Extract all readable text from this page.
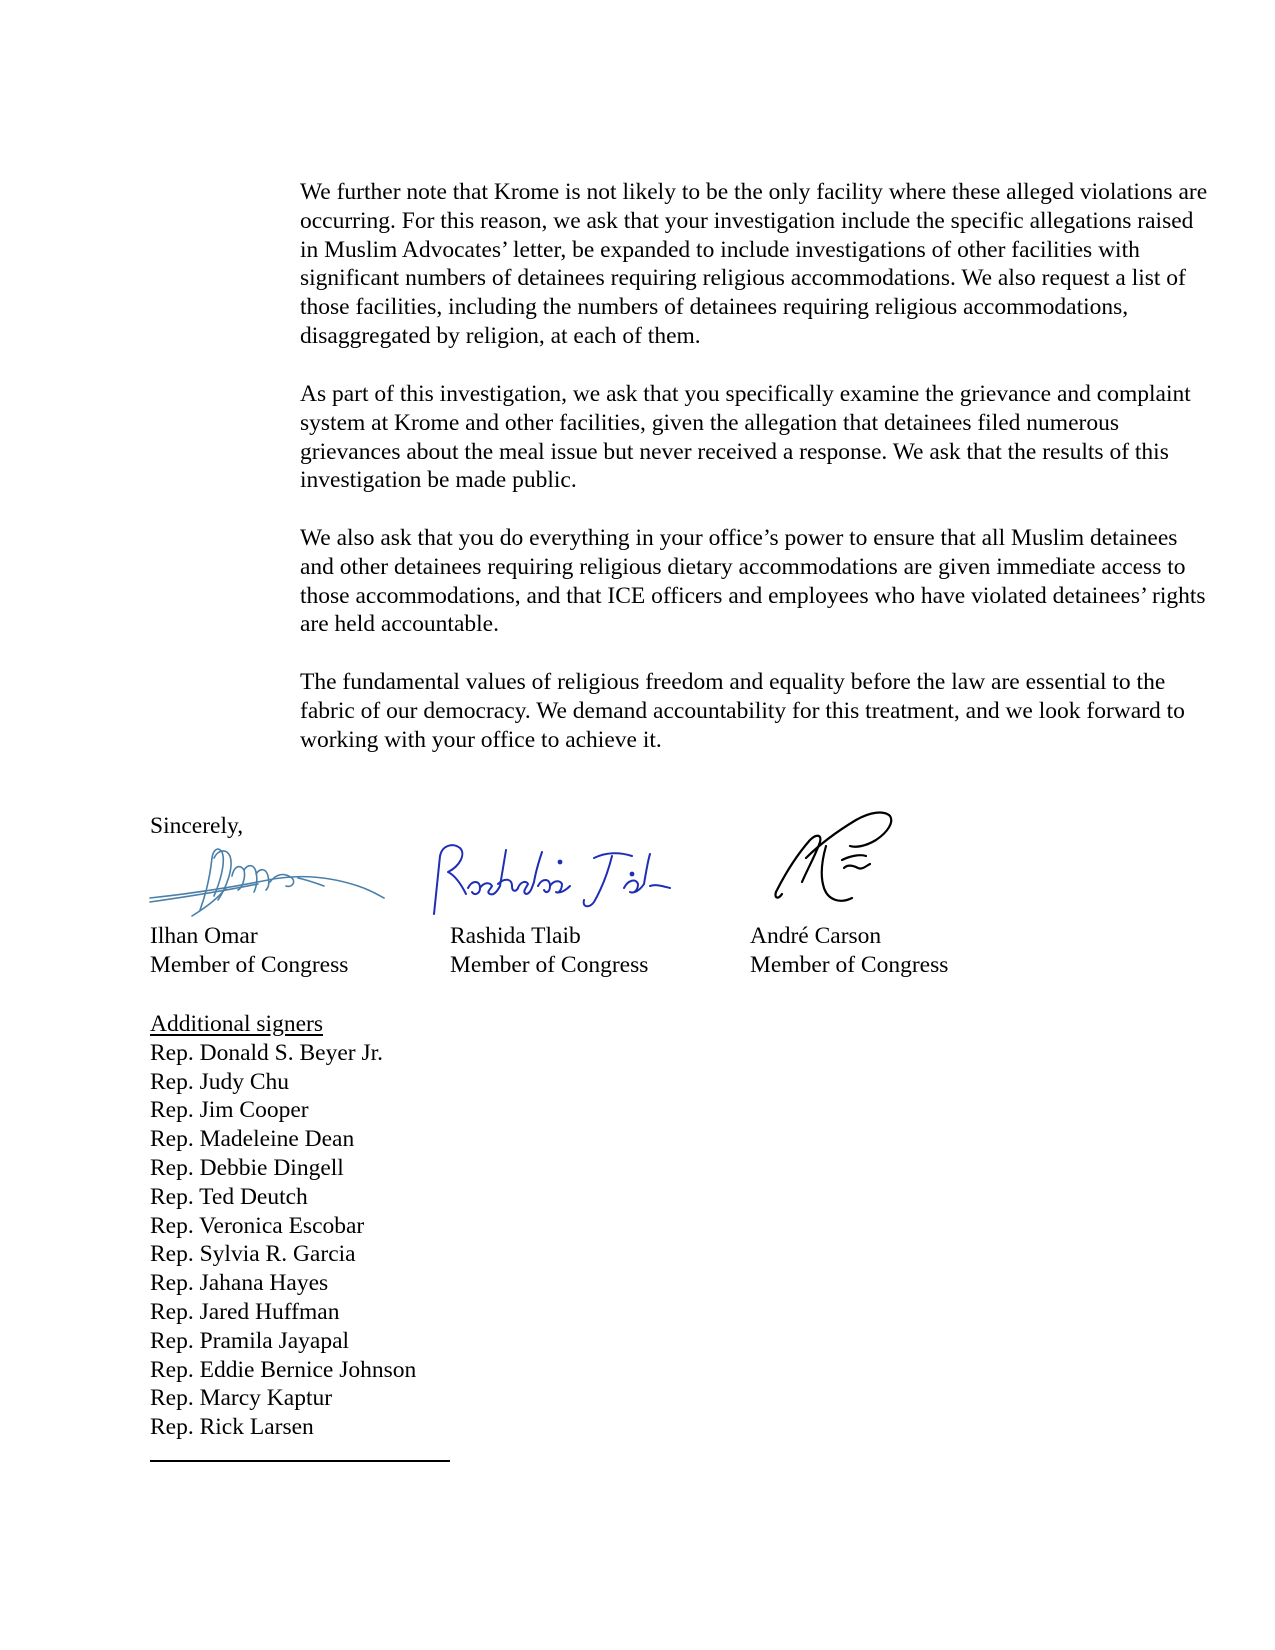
We further note that Krome is not likely to be the only facility where these alleged violations are
occurring. For this reason, we ask that your investigation include the specific allegations raised
in Muslim Advocates’ letter, be expanded to include investigations of other facilities with
significant numbers of detainees requiring religious accommodations. We also request a list of
those facilities, including the numbers of detainees requiring religious accommodations,
disaggregated by religion, at each of them.

As part of this investigation, we ask that you specifically examine the grievance and complaint
system at Krome and other facilities, given the allegation that detainees filed numerous
grievances about the meal issue but never received a response. We ask that the results of this
investigation be made public.

We also ask that you do everything in your office’s power to ensure that all Muslim detainees
and other detainees requiring religious dietary accommodations are given immediate access to
those accommodations, and that ICE officers and employees who have violated detainees’ rights
are held accountable.

The fundamental values of religious freedom and equality before the law are essential to the
fabric of our democracy. We demand accountability for this treatment, and we look forward to
working with your office to achieve it.

Sincerely,
Ilhan Omar
Member of Congress
Rashida Tlaib
Member of Congress
André Carson
Member of Congress
Additional signers
Rep. Donald S. Beyer Jr.
Rep. Judy Chu
Rep. Jim Cooper
Rep. Madeleine Dean
Rep. Debbie Dingell
Rep. Ted Deutch
Rep. Veronica Escobar
Rep. Sylvia R. Garcia
Rep. Jahana Hayes
Rep. Jared Huffman
Rep. Pramila Jayapal
Rep. Eddie Bernice Johnson
Rep. Marcy Kaptur
Rep. Rick Larsen
